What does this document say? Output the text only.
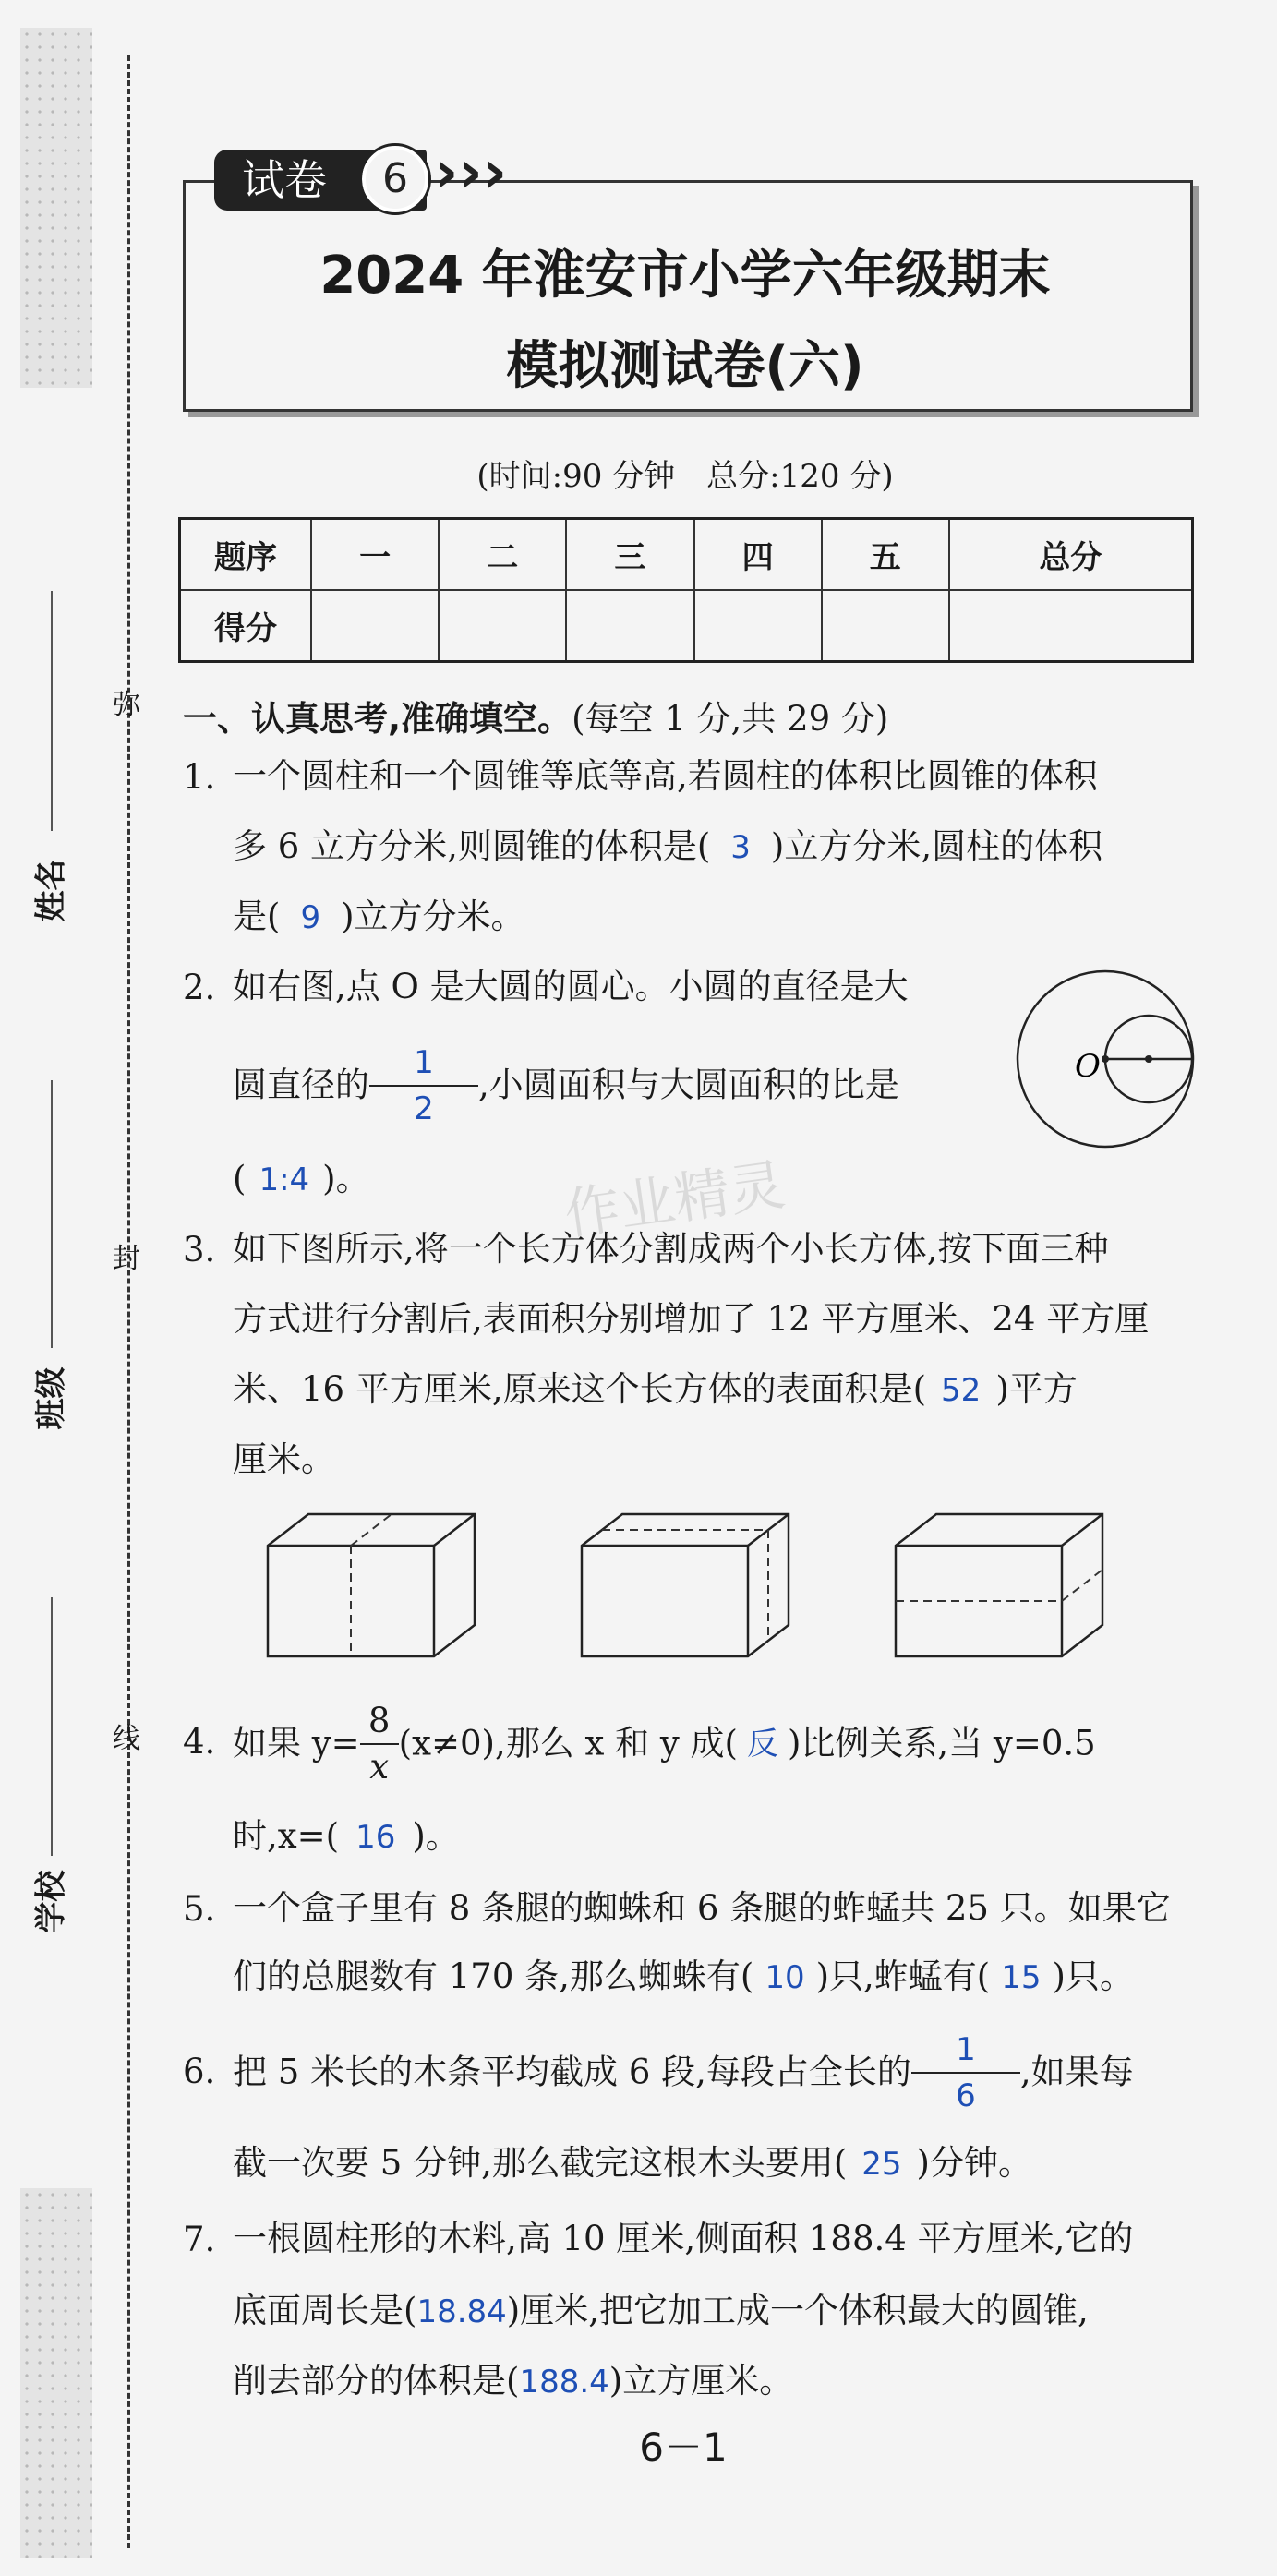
姓名
班级
学校
弥
封
线
试卷	6 ›››
2024 年淮安市小学六年级期末
模拟测试卷(六)
(时间:90 分钟　总分:120 分)
题序	一	二	三	四	五	总分
得分						
一、认真思考,准确填空。(每空 1 分,共 29 分)
1. 一个圆柱和一个圆锥等底等高,若圆柱的体积比圆锥的体积
多 6 立方分米,则圆锥的体积是( 3 )立方分米,圆柱的体积
是( 9 )立方分米。
2. 如右图,点 O 是大圆的圆心。小圆的直径是大
圆直径的 $\frac{1}{2}$ ,小圆面积与大圆面积的比是
( 1:4 )。
O
3. 如下图所示,将一个长方体分割成两个小长方体,按下面三种
方式进行分割后,表面积分别增加了 12 平方厘米、24 平方厘
米、16 平方厘米,原来这个长方体的表面积是( 52 )平方
厘米。
4. 如果 $y= \frac{8}{x} (x\ne 0)$,那么 x 和 y 成( 反 )比例关系,当 y=0.5
时,x=( 16 )。
5. 一个盒子里有 8 条腿的蜘蛛和 6 条腿的蚱蜢共 25 只。如果它
们的总腿数有 170 条,那么蜘蛛有( 10 )只,蚱蜢有( 15 )只。
6. 把 5 米长的木条平均截成 6 段,每段占全长的 $\frac{1}{6}$ ,如果每
截一次要 5 分钟,那么截完这根木头要用( 25 )分钟。
7. 一根圆柱形的木料,高 10 厘米,侧面积 188.4 平方厘米,它的
底面周长是(18.84)厘米,把它加工成一个体积最大的圆锥,
削去部分的体积是(188.4)立方厘米。
作业精灵
6－1
